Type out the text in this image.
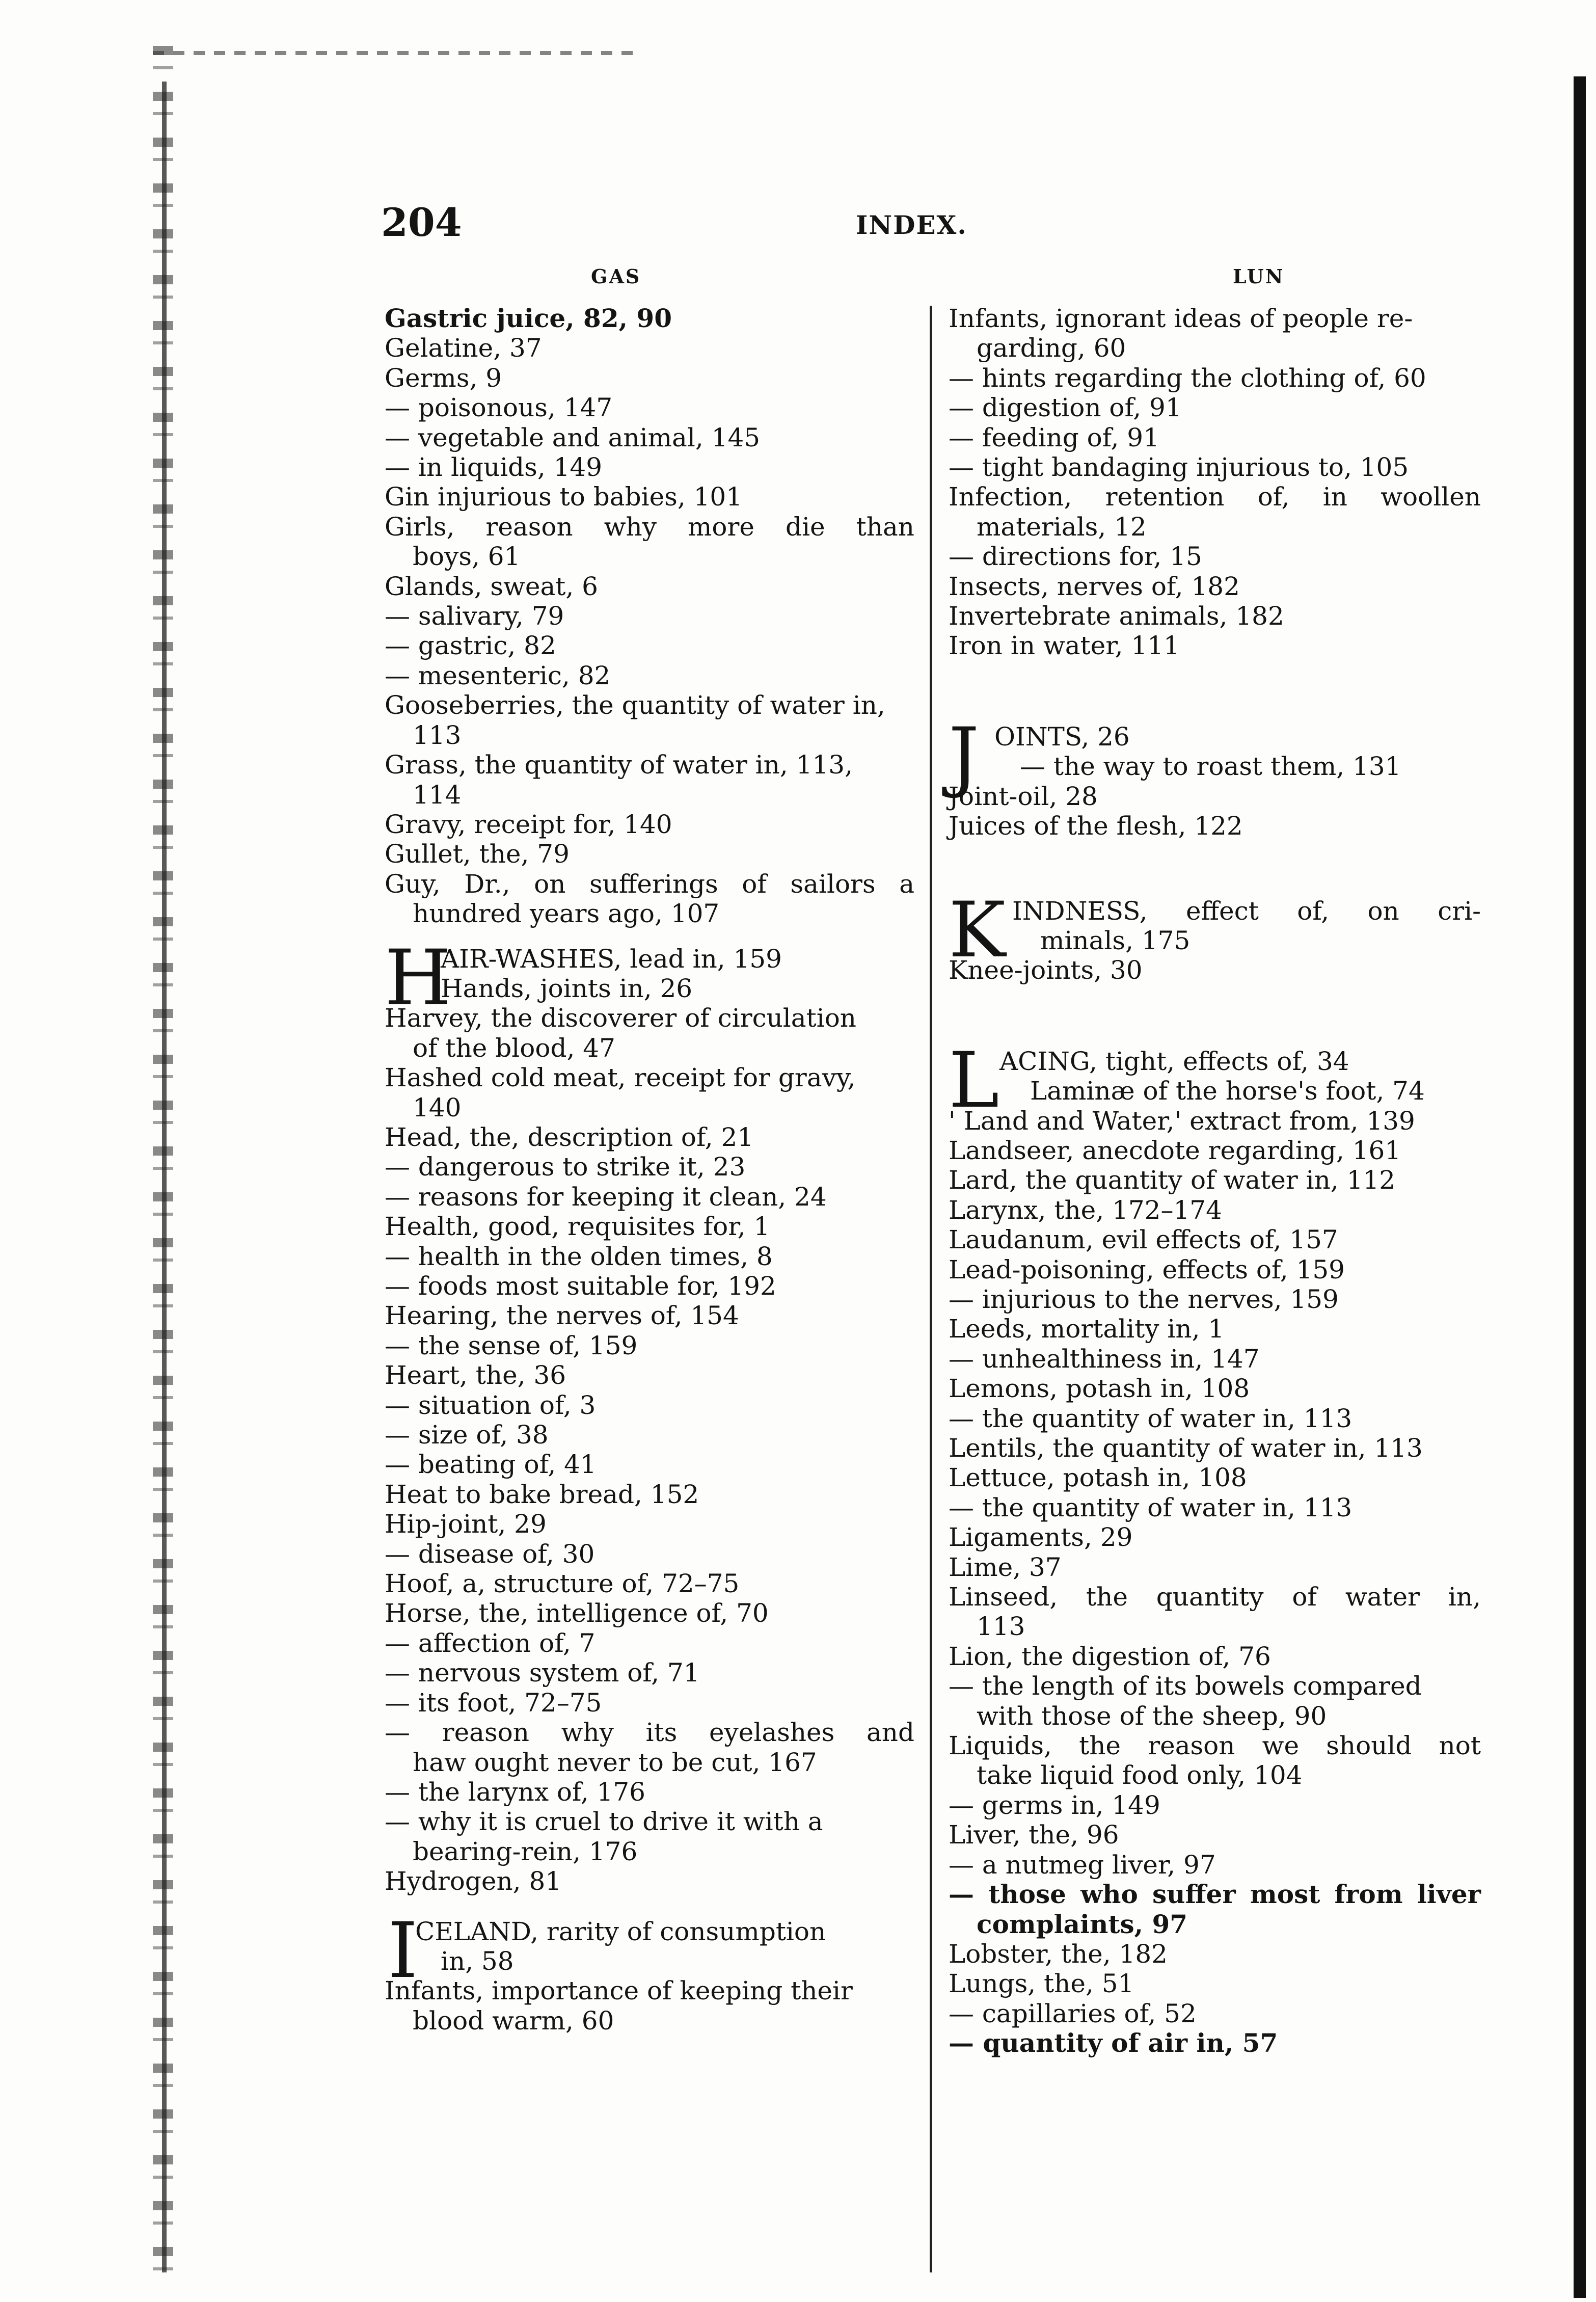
204	INDEX.
GAS	LUN
Gastric juice, 82, 90
Gelatine, 37
Germs, 9
— poisonous, 147
— vegetable and animal, 145
— in liquids, 149
Gin injurious to babies, 101
Girls, reason why more die than
boys, 61
Glands, sweat, 6
— salivary, 79
— gastric, 82
— mesenteric, 82
Gooseberries, the quantity of water in,
113
Grass, the quantity of water in, 113,
114
Gravy, receipt for, 140
Gullet, the, 79
Guy, Dr., on sufferings of sailors a
hundred years ago, 107
H
AIR-WASHES, lead in, 159
Hands, joints in, 26
Harvey, the discoverer of circulation
of the blood, 47
Hashed cold meat, receipt for gravy,
140
Head, the, description of, 21
— dangerous to strike it, 23
— reasons for keeping it clean, 24
Health, good, requisites for, 1
— health in the olden times, 8
— foods most suitable for, 192
Hearing, the nerves of, 154
— the sense of, 159
Heart, the, 36
— situation of, 3
— size of, 38
— beating of, 41
Heat to bake bread, 152
Hip-joint, 29
— disease of, 30
Hoof, a, structure of, 72–75
Horse, the, intelligence of, 70
— affection of, 7
— nervous system of, 71
— its foot, 72–75
— reason why its eyelashes and
haw ought never to be cut, 167
— the larynx of, 176
— why it is cruel to drive it with a
bearing-rein, 176
Hydrogen, 81
I
CELAND, rarity of consumption
in, 58
Infants, importance of keeping their
blood warm, 60
Infants, ignorant ideas of people re-
garding, 60
— hints regarding the clothing of, 60
— digestion of, 91
— feeding of, 91
— tight bandaging injurious to, 105
Infection, retention of, in woollen
materials, 12
— directions for, 15
Insects, nerves of, 182
Invertebrate animals, 182
Iron in water, 111
J OINTS, 26
— the way to roast them, 131
Joint-oil, 28
Juices of the flesh, 122
K INDNESS, effect of, on cri-
minals, 175
Knee-joints, 30
L ACING, tight, effects of, 34
Laminæ of the horse's foot, 74
' Land and Water,' extract from, 139
Landseer, anecdote regarding, 161
Lard, the quantity of water in, 112
Larynx, the, 172–174
Laudanum, evil effects of, 157
Lead-poisoning, effects of, 159
— injurious to the nerves, 159
Leeds, mortality in, 1
— unhealthiness in, 147
Lemons, potash in, 108
— the quantity of water in, 113
Lentils, the quantity of water in, 113
Lettuce, potash in, 108
— the quantity of water in, 113
Ligaments, 29
Lime, 37
Linseed, the quantity of water in,
113
Lion, the digestion of, 76
— the length of its bowels compared
with those of the sheep, 90
Liquids, the reason we should not
take liquid food only, 104
— germs in, 149
Liver, the, 96
— a nutmeg liver, 97
— those who suffer most from liver
complaints, 97
Lobster, the, 182
Lungs, the, 51
— capillaries of, 52
— quantity of air in, 57
